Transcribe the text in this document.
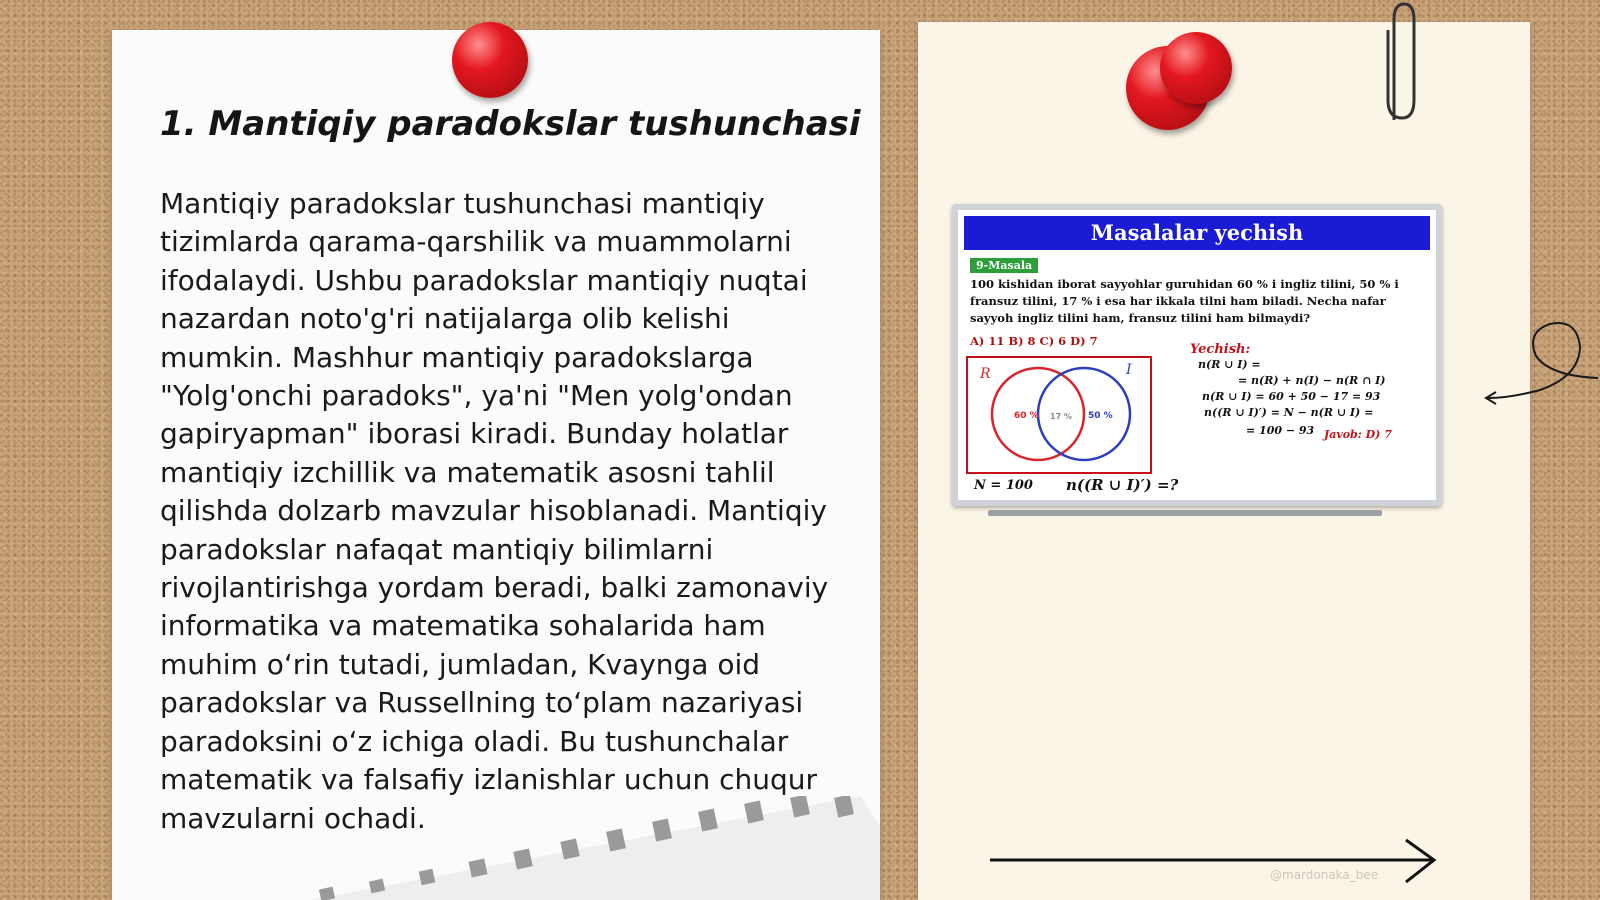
1. Mantiqiy paradokslar tushunchasi

Mantiqiy paradokslar tushunchasi mantiqiy tizimlarda qarama-qarshilik va muammolarni ifodalaydi. Ushbu paradokslar mantiqiy nuqtai nazardan noto'g'ri natijalarga olib kelishi mumkin. Mashhur mantiqiy paradokslarga "Yolg'onchi paradoks", ya'ni "Men yolg'ondan gapiryapman" iborasi kiradi. Bunday holatlar mantiqiy izchillik va matematik asosni tahlil qilishda dolzarb mavzular hisoblanadi. Mantiqiy paradokslar nafaqat mantiqiy bilimlarni rivojlantirishga yordam beradi, balki zamonaviy informatika va matematika sohalarida ham muhim o‘rin tutadi, jumladan, Kvaynga oid paradokslar va Russellning to‘plam nazariyasi paradoksini o‘z ichiga oladi. Bu tushunchalar matematik va falsafiy izlanishlar uchun chuqur mavzularni ochadi.

Masalalar yechish
9-Masala

100 kishidan iborat sayyohlar guruhidan 60 % i ingliz tilini, 50 % i fransuz tilini, 17 % i esa har ikkala tilni ham biladi. Necha nafar sayyoh ingliz tilini ham, fransuz tilini ham bilmaydi?

A) 11 B) 8 C) 6 D) 7
R	I
60 % 17 % 50 %
Yechish:
n(R ∪ I) =
= n(R) + n(I) − n(R ∩ I)
n(R ∪ I) = 60 + 50 − 17 = 93
n((R ∪ I)′) = N − n(R ∪ I) =
= 100 − 93 Javob: D) 7
N = 100 n((R ∪ I)′) =?
@mardonaka_bee
